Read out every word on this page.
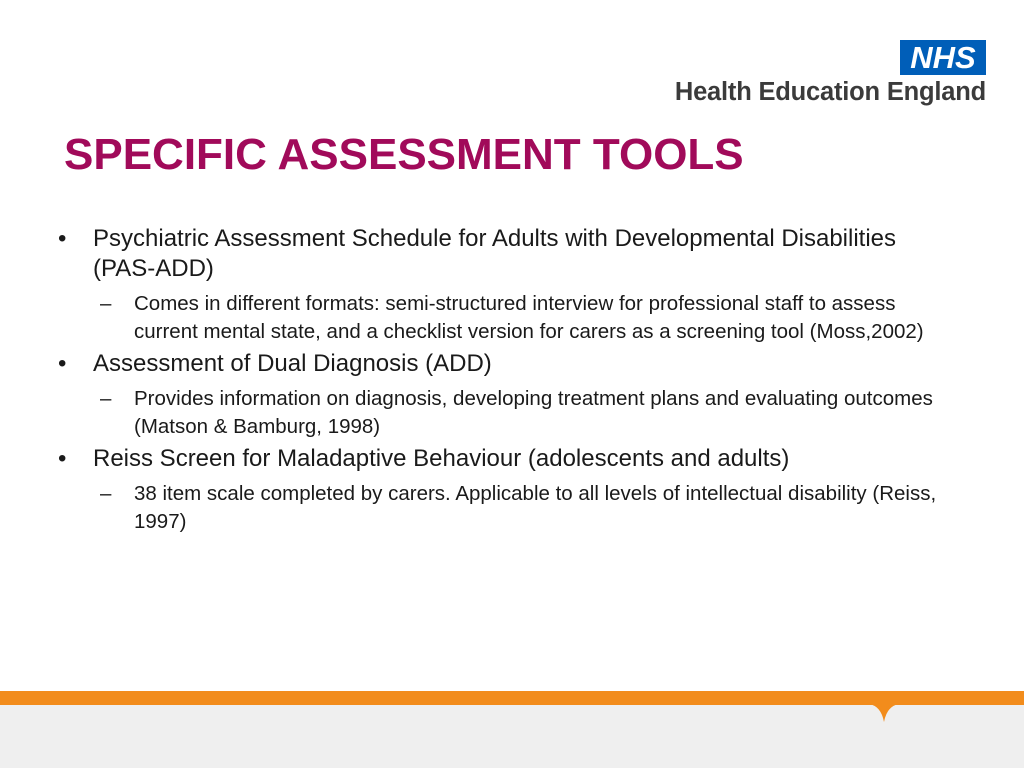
NHS
Health Education England
SPECIFIC ASSESSMENT TOOLS
•	Psychiatric Assessment Schedule for Adults with Developmental Disabilities (PAS-ADD)
–	Comes in different formats: semi-structured interview for professional staff to assess current mental state, and a checklist version for carers as a screening tool (Moss,2002)
•	Assessment of Dual Diagnosis (ADD)
–	Provides information on diagnosis, developing treatment plans and evaluating outcomes (Matson & Bamburg, 1998)
•	Reiss Screen for Maladaptive Behaviour (adolescents and adults)
–	38 item scale completed by carers. Applicable to all levels of intellectual disability (Reiss, 1997)
